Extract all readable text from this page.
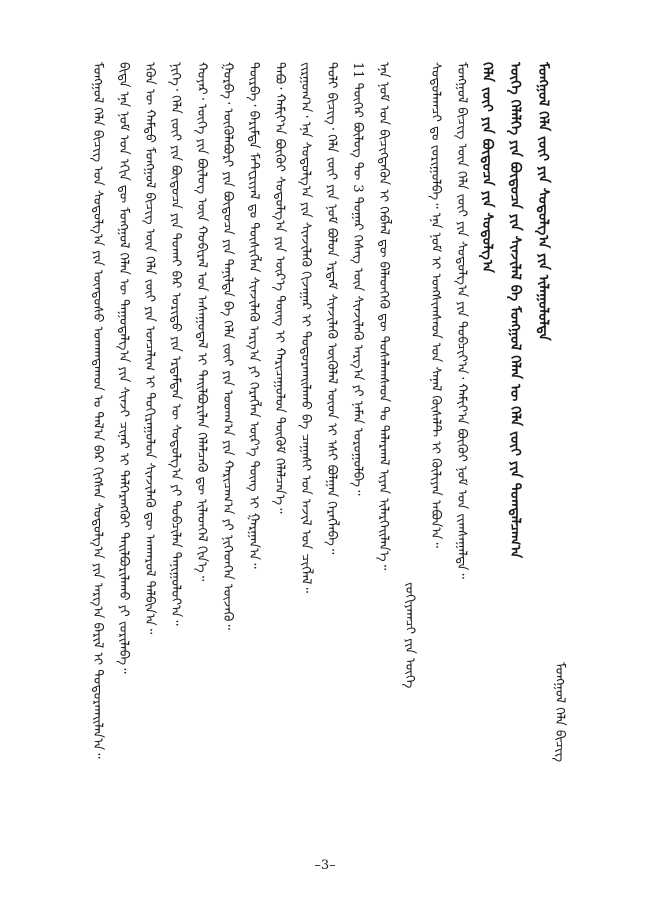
ᠮᠣᠩᠭᠣᠯ ᠬᠡᠯᠡ ᠪᠢᠴᠢᠭ ᠤᠨ ᠰᠣᠳᠤᠯᠭ᠎ᠠ ᠶᠢᠨ ᠦᠨᠳᠦᠰᠦ ᠤᠬᠠᠭᠳᠠᠬᠤᠨ ᠤ ᠲᠠᠯ᠎ᠠ ᠪᠠᠷ ᠬᠢᠭᠰᠡᠨ ᠰᠣᠳᠤᠯᠭ᠎ᠠ ᠶᠢᠨ ᠠᠷᠭ᠎ᠠ ᠪᠠᠷᠢᠯ ᠢ ᠲᠣᠳᠣᠷᠬᠠᠢᠯᠠᠨ᠎ᠠ᠃ ᠪᠢᠳᠡ ᠡᠨᠡ ᠨᠣᠮ ᠤᠨ ᠡᠬᠢᠨ ᠳᠦ ᠮᠣᠩᠭᠣᠯ ᠬᠡᠯᠡᠨ ᠦ ᠳᠠᠭᠤᠳᠠᠯᠭ᠎ᠠ ᠶᠢᠨ ᠰᠢᠨᠵᠢ ᠴᠢᠨᠠᠷ ᠢ ᠳᠡᠯᠭᠡᠷᠡᠩᠭᠦᠢ ᠲᠠᠢᠯᠪᠤᠷᠢᠯᠠᠬᠤ ᠶᠢ ᠵᠣᠷᠢᠯᠠᠪᠠ᠃ ᠡᠭᠦᠨ ᠦ ᠬᠠᠮᠲᠤ ᠮᠣᠩᠭᠣᠯ ᠪᠢᠴᠢᠭ ᠦᠨ ᠬᠡᠯᠡ ᠵᠦᠢ ᠶᠢᠨ ᠣᠨᠴᠠᠯᠢᠭ ᠢ ᠲᠣᠬᠢᠷᠠᠭᠤᠯᠤᠨ ᠰᠢᠨᠵᠢᠯᠡᠬᠦ ᠳᠦ ᠠᠨᠬᠠᠷᠤᠯ ᠲᠠᠯᠪᠢᠨ᠎ᠠ᠃ ᠨᠢᠭᠡ᠂ ᠬᠡᠯᠡ ᠵᠦᠢ ᠶᠢᠨ ᠪᠦᠲᠦᠴᠡ ᠶᠢᠨ ᠲᠤᠬᠠᠢ ᠪᠠᠷ ᠤᠷᠢᠳᠤ ᠶᠢᠨ ᠡᠷᠳᠡᠮᠲᠡᠨ ᠦ ᠰᠣᠳᠤᠯᠭ᠎ᠠ ᠶᠢ ᠲᠣᠪᠴᠢᠯᠠᠨ ᠲᠠᠨᠢᠭᠤᠯᠤᠶ᠎ᠠ᠃ ᠬᠣᠶᠠᠷ᠂ ᠦᠭᠡ ᠶᠢᠨ ᠪᠦᠯᠦᠭ ᠦᠨ ᠬᠤᠪᠢᠷᠠᠯ ᠤᠨ ᠠᠰᠠᠭᠤᠳᠠᠯ ᠢ ᠲᠠᠢᠯᠪᠤᠷᠢᠯᠠᠨ ᠬᠡᠯᠡᠯᠴᠡᠬᠦ ᠳᠦ ᠢᠯᠡᠳᠭᠡᠯ ᠬᠢᠨ᠎ᠡ᠃ ᠭᠤᠷᠪᠠ᠂ ᠦᠭᠦᠯᠡᠪᠦᠷᠢ ᠶᠢᠨ ᠪᠦᠲᠦᠴᠡ ᠶᠢᠨ ᠲᠠᠨᠢᠯᠲᠠ ᠪᠠ ᠬᠡᠯᠡ ᠵᠦᠢ ᠶᠢᠨ ᠤᠳᠬ᠎ᠠ ᠶᠢᠨ ᠬᠠᠷᠢᠴᠠᠭ᠎ᠠ ᠶᠢ ᠨᠢᠭᠡᠳᠬᠡᠨ ᠦᠵᠡᠬᠦ᠃ ᠳᠥᠷᠪᠡ᠂ ᠪᠠᠷᠢᠮᠲᠠ ᠮᠠᠲ᠋ᠧᠷᠢᠶᠠᠯ ᠳᠤ ᠲᠦᠰᠢᠭᠯᠡᠨ ᠰᠢᠨᠵᠢᠯᠡᠬᠦ ᠠᠷᠭ᠎ᠠ ᠶᠢ ᠬᠡᠷᠡᠭᠯᠡᠨ ᠦᠷ᠎ᠡ ᠳᠦᠩ ᠢ ᠭᠠᠷᠭᠠᠨ᠎ᠠ᠃ ᠲᠠᠪᠤ᠂ ᠬᠠᠮᠢᠶ᠎ᠠ ᠪᠦᠬᠦᠢ ᠰᠤᠳᠤᠯᠭ᠎ᠠ ᠶᠢᠨ ᠦᠷ᠎ᠡ ᠳᠦᠩ ᠢ ᠬᠠᠷᠢᠴᠠᠭᠤᠯᠤᠨ ᠳᠦᠭᠦᠮ ᠬᠡᠯᠡᠯᠴᠡᠨ᠎ᠡ᠃ ᠵᠢᠷᠭᠤᠭ᠎ᠠ᠂ ᠡᠨᠡ ᠰᠤᠳᠤᠯᠭ᠎ᠠ ᠶᠢᠨ ᠰᠢᠨᠵᠢᠯᠡᠬᠦ ᠬᠢᠵᠠᠭᠠᠷ ᠢ ᠲᠣᠳᠣᠷᠬᠠᠢᠯᠠᠬᠤ ᠪᠠ ᠴᠠᠭᠠᠰᠢ ᠤᠨ ᠠᠵᠢᠯ ᠤᠨ ᠴᠢᠭᠯᠡᠯ᠃ ᠲᠣᠯᠢ ᠪᠢᠴᠢᠭ᠂ ᠬᠡᠯᠡ ᠵᠦᠢ ᠶᠢᠨ ᠨᠣᠮ ᠪᠣᠯᠣᠨ ᠡᠷᠳᠡᠮ ᠰᠢᠨᠵᠢᠯᠡᠬᠦ ᠥᠭᠦᠯᠡᠯ ᠦᠳ ᠢ ᠡᠰᠢ ᠪᠣᠯᠭᠠᠨ ᠬᠡᠷᠡᠭᠯᠡᠪᠡ᠃ 11 ᠳᠦᠭᠡᠷ ᠪᠦᠯᠦᠭ ᠲᠦ 3 ᠳᠤᠭᠠᠷ ᠬᠡᠰᠡᠭ ᠦᠨ ᠰᠢᠨᠵᠢᠯᠡᠬᠦ ᠠᠷᠭ᠎ᠠ ᠶᠢ ᠨᠡᠮᠡᠨ ᠣᠷᠤᠭᠤᠯᠪᠠ᠃ ᠡᠨᠡ ᠨᠣᠮ ᠤᠨ ᠪᠢᠴᠢᠭᠳᠡᠬᠦᠨ ᠢ ᠬᠡᠪᠯᠡᠯ ᠳᠦ ᠪᠡᠯᠡᠳᠬᠡᠬᠦ ᠳᠦ ᠲᠤᠰᠠᠯᠠᠭᠰᠠᠳ ᠲᠤ ᠲᠠᠯᠠᠷᠬᠠᠯ ᠢᠶᠡᠨ ᠢᠯᠡᠷᠬᠡᠢᠯᠡᠨ᠎ᠡ᠃
ᠵᠣᠬᠢᠶᠠᠭᠴᠢ ᠶᠢᠨ ᠦᠭᠡ
ᠰᠤᠳᠤᠯᠠᠭᠴᠢ ᠳᠤ ᠵᠣᠷᠢᠭᠤᠯᠪᠠ᠃ ᠡᠨᠡ ᠨᠣᠮ ᠢ ᠤᠩᠰᠢᠭᠰᠠᠳ ᠤᠨ ᠰᠠᠨᠠᠯ ᠬᠦᠰᠡᠯᠲ ᠢ ᠬᠦᠯᠢᠶᠡᠨ ᠠᠪᠤᠨ᠎ᠠ᠃ ᠮᠣᠩᠭᠣᠯ ᠪᠢᠴᠢᠭ ᠦᠨ ᠬᠡᠯᠡ ᠵᠦᠢ ᠶᠢᠨ ᠰᠤᠳᠤᠯᠭ᠎ᠠ ᠶᠢᠨ ᠲᠣᠪᠴᠢᠶ᠎ᠠ᠂ ᠬᠠᠮᠢᠶ᠎ᠠ ᠪᠦᠬᠦᠢ ᠨᠣᠮ ᠤᠨ ᠵᠢᠭᠰᠠᠭᠠᠯᠲᠠ᠃ ᠬᠡᠯᠡ ᠵᠦᠢ ᠶᠢᠨ ᠪᠦᠲᠦᠴᠡ ᠶᠢᠨ ᠰᠤᠳᠤᠯᠭ᠎ᠠ ᠦᠭᠡ ᠬᠡᠯᠡᠯᠭᠡ ᠶᠢᠨ ᠪᠦᠲᠦᠴᠡ ᠶᠢᠨ ᠰᠢᠨᠵᠢᠯᠡᠯ ᠪᠠ ᠮᠣᠩᠭᠣᠯ ᠬᠡᠯᠡᠨ ᠦ ᠬᠡᠯᠡ ᠵᠦᠢ ᠶᠢᠨ ᠲᠣᠭᠲᠠᠯᠴᠠᠭ᠎ᠠ ᠮᠣᠩᠭᠣᠯ ᠬᠡᠯᠡ ᠵᠦᠢ ᠶᠢᠨ ᠰᠤᠳᠤᠯᠭ᠎ᠠ ᠶᠢᠨ ᠢᠯᠠᠭᠤᠯᠤᠯᠲᠠ
ᠮᠣᠩᠭᠣᠯ ᠬᠡᠯᠡ ᠪᠢᠴᠢᠭ
–3–
